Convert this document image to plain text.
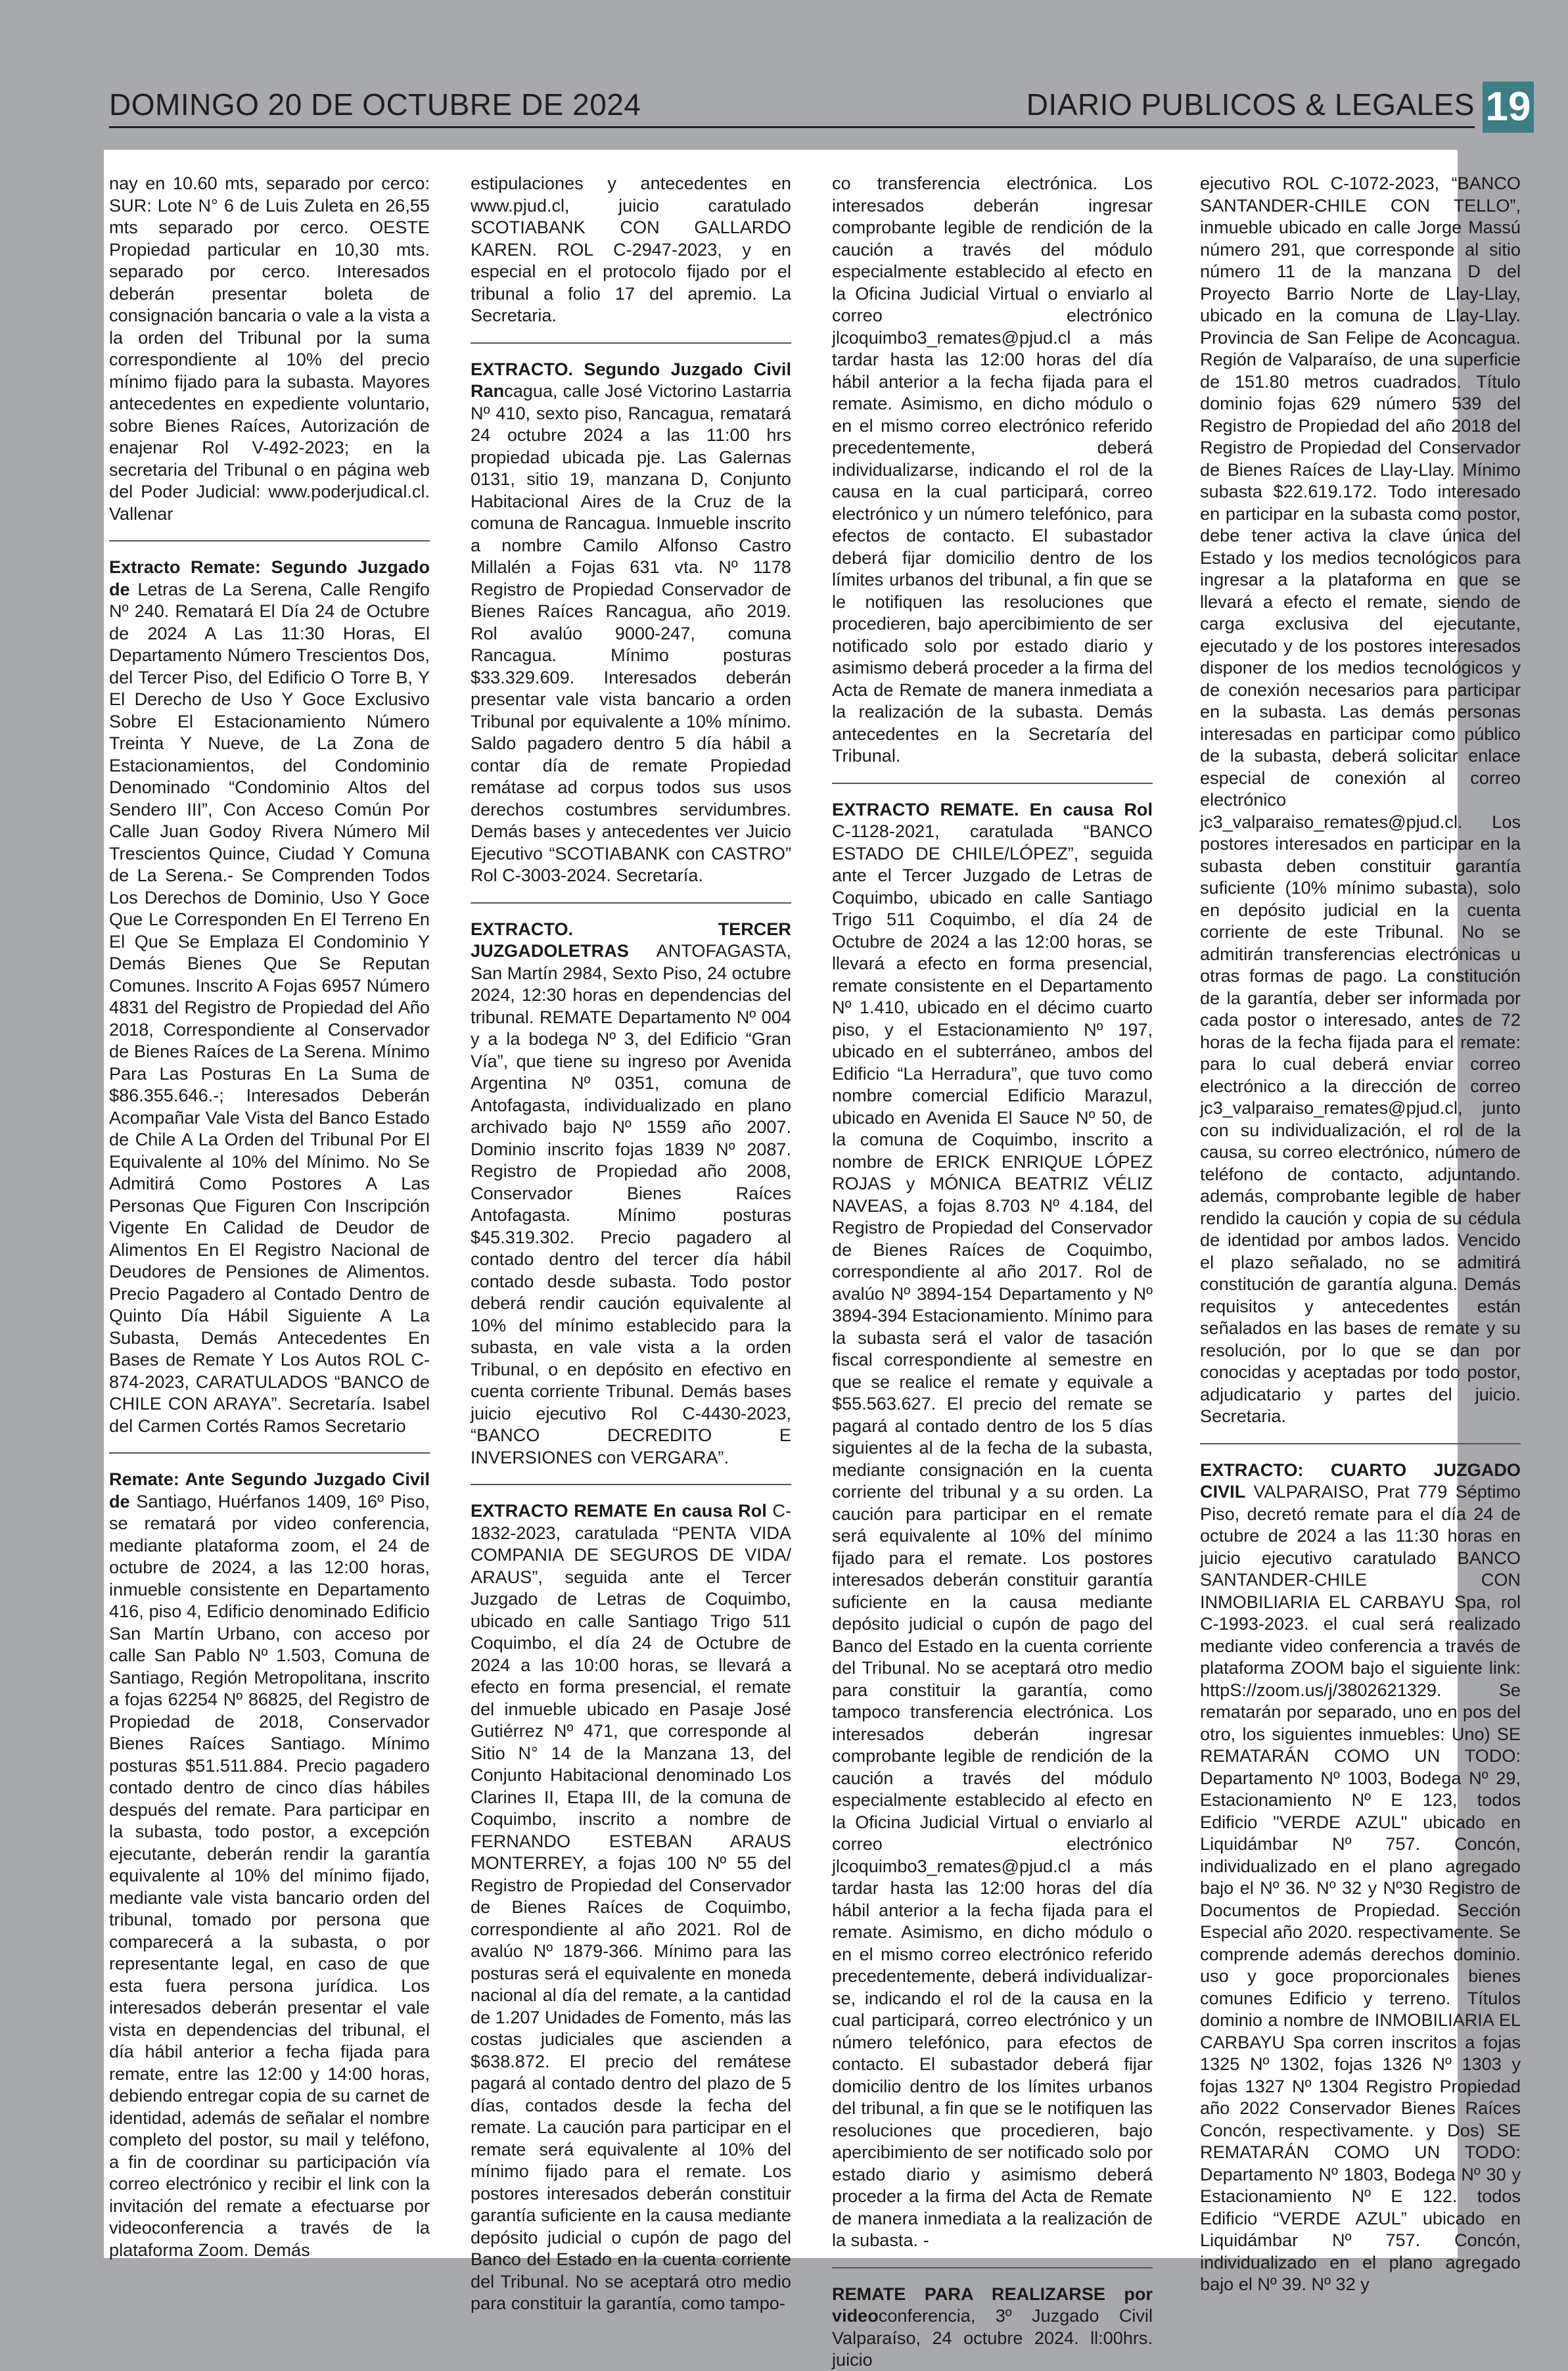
DOMINGO 20 DE OCTUBRE DE 2024	DIARIO PUBLICOS & LEGALES 19

nay en 10.60 mts, separado por cerco: SUR: Lote N° 6 de Luis Zuleta en 26,55 mts separado por cerco. OESTE Propiedad particular en 10,30 mts. separado por cerco. Interesados deberán presentar boleta de consignación bancaria o vale a la vista a la orden del Tribunal por la suma correspondiente al 10% del precio mínimo fijado para la subasta. Mayores antecedentes en expediente voluntario, sobre Bienes Raíces, Autorización de enajenar Rol V-492-2023; en la secretaria del Tribunal o en página web del Poder Judicial: www.poderjudical.cl. Vallenar

Extracto Remate: Segundo Juzgado de Letras de La Serena, Calle Rengifo Nº 240. Rematará El Día 24 de Octubre de 2024 A Las 11:30 Horas, El Departamento Número Trescientos Dos, del Tercer Piso, del Edificio O Torre B, Y El Derecho de Uso Y Goce Exclusivo Sobre El Estacionamiento Número Treinta Y Nueve, de La Zona de Estacionamientos, del Condominio Denominado “Condominio Altos del Sendero III”, Con Acceso Común Por Calle Juan Godoy Rivera Número Mil Trescientos Quince, Ciudad Y Comuna de La Serena.- Se Comprenden Todos Los Derechos de Dominio, Uso Y Goce Que Le Corresponden En El Terreno En El Que Se Emplaza El Condominio Y Demás Bienes Que Se Reputan Comunes. Inscrito A Fojas 6957 Número 4831 del Registro de Propiedad del Año 2018, Correspondiente al Conservador de Bienes Raíces de La Serena. Mínimo Para Las Posturas En La Suma de $86.355.646.-; Interesados Deberán Acompañar Vale Vista del Banco Estado de Chile A La Orden del Tribunal Por El Equivalente al 10% del Mínimo. No Se Admitirá Como Postores A Las Personas Que Figuren Con Inscripción Vigente En Calidad de Deudor de Alimentos En El Registro Nacional de Deudores de Pensiones de Alimentos. Precio Pagadero al Contado Dentro de Quinto Día Hábil Siguiente A La Subasta, Demás Antecedentes En Bases de Remate Y Los Autos ROL C-874-2023, CARATULADOS “BANCO de CHILE CON ARAYA”. Secretaría. Isabel del Carmen Cortés Ramos Secretario

Remate: Ante Segundo Juzgado Civil de Santiago, Huérfanos 1409, 16º Piso, se rematará por video conferencia, mediante plataforma zoom, el 24 de octubre de 2024, a las 12:00 horas, inmueble consistente en Departamento 416, piso 4, Edificio denominado Edificio San Martín Urbano, con acceso por calle San Pablo Nº 1.503, Comuna de Santiago, Región Metropolitana, inscrito a fojas 62254 Nº 86825, del Registro de Propiedad de 2018, Conservador Bienes Raíces Santiago. Mínimo posturas $51.511.884. Precio pagadero contado dentro de cinco días hábiles después del remate. Para participar en la subasta, todo postor, a excepción ejecutante, deberán rendir la garantía equivalente al 10% del mínimo fijado, mediante vale vista bancario orden del tribunal, tomado por persona que comparecerá a la subasta, o por representante legal, en caso de que esta fuera persona jurídica. Los interesados deberán presentar el vale vista en dependencias del tribunal, el día hábil anterior a fecha fijada para remate, entre las 12:00 y 14:00 horas, debiendo entregar copia de su carnet de identidad, además de señalar el nombre completo del postor, su mail y teléfono, a fin de coordinar su participación vía correo electrónico y recibir el link con la invitación del remate a efectuarse por videoconferencia a través de la plataforma Zoom. Demás

estipulaciones y antecedentes en www.pjud.cl, juicio caratulado SCOTIABANK CON GALLARDO KAREN. ROL C-2947-2023, y en especial en el protocolo fijado por el tribunal a folio 17 del apremio. La Secretaria.

EXTRACTO. Segundo Juzgado Civil Rancagua, calle José Victorino Lastarria Nº 410, sexto piso, Rancagua, rematará 24 octubre 2024 a las 11:00 hrs propiedad ubicada pje. Las Galernas 0131, sitio 19, manzana D, Conjunto Habitacional Aires de la Cruz de la comuna de Rancagua. Inmueble inscrito a nombre Camilo Alfonso Castro Millalén a Fojas 631 vta. Nº 1178 Registro de Propiedad Conservador de Bienes Raíces Rancagua, año 2019. Rol avalúo 9000-247, comuna Rancagua. Mínimo posturas $33.329.609. Interesados deberán presentar vale vista bancario a orden Tribunal por equivalente a 10% mínimo. Saldo pagadero dentro 5 día hábil a contar día de remate Propiedad remátase ad corpus todos sus usos derechos costumbres servidumbres. Demás bases y antecedentes ver Juicio Ejecutivo “SCOTIABANK con CASTRO” Rol C-3003-2024. Secretaría.

EXTRACTO. TERCER JUZGADOLETRAS ANTOFAGASTA, San Martín 2984, Sexto Piso, 24 octubre 2024, 12:30 horas en dependencias del tribunal. REMATE Departamento Nº 004 y a la bodega Nº 3, del Edificio “Gran Vía”, que tiene su ingreso por Avenida Argentina Nº 0351, comuna de Antofagasta, individualizado en plano archivado bajo Nº 1559 año 2007. Dominio inscrito fojas 1839 Nº 2087. Registro de Propiedad año 2008, Conservador Bienes Raíces Antofagasta. Mínimo posturas $45.319.302. Precio pagadero al contado dentro del tercer día hábil contado desde subasta. Todo postor deberá rendir caución equivalente al 10% del mínimo establecido para la subasta, en vale vista a la orden Tribunal, o en depósito en efectivo en cuenta corriente Tribunal. Demás bases juicio ejecutivo Rol C-4430-2023, “BANCO DECREDITO E INVERSIONES con VERGARA”.

EXTRACTO REMATE En causa Rol C-1832-2023, caratulada “PENTA VIDA COMPANIA DE SEGUROS DE VIDA/ ARAUS”, seguida ante el Tercer Juzgado de Letras de Coquimbo, ubicado en calle Santiago Trigo 511 Coquimbo, el día 24 de Octubre de 2024 a las 10:00 horas, se llevará a efecto en forma presencial, el remate del inmueble ubicado en Pasaje José Gutiérrez Nº 471, que corresponde al Sitio N° 14 de la Manzana 13, del Conjunto Habitacional denominado Los Clarines II, Etapa III, de la comuna de Coquimbo, inscrito a nombre de FERNANDO ESTEBAN ARAUS MONTERREY, a fojas 100 Nº 55 del Registro de Propiedad del Conservador de Bienes Raíces de Coquimbo, correspondiente al año 2021. Rol de avalúo Nº 1879-366. Mínimo para las posturas será el equivalente en moneda nacional al día del remate, a la cantidad de 1.207 Unidades de Fomento, más las costas judiciales que ascienden a $638.872. El precio del remátese pagará al contado dentro del plazo de 5 días, contados desde la fecha del remate. La caución para participar en el remate será equivalente al 10% del mínimo fijado para el remate. Los postores interesados deberán constituir garantía suficiente en la causa mediante depósito judicial o cupón de pago del Banco del Estado en la cuenta corriente del Tribunal. No se aceptará otro medio para constituir la garantía, como tampo-

co transferencia electrónica. Los interesados deberán ingresar comprobante legible de rendición de la caución a través del módulo especialmente establecido al efecto en la Oficina Judicial Virtual o enviarlo al correo electrónico jlcoquimbo3_remates@pjud.cl a más tardar hasta las 12:00 horas del día hábil anterior a la fecha fijada para el remate. Asimismo, en dicho módulo o en el mismo correo electrónico referido precedentemente, deberá individualizarse, indicando el rol de la causa en la cual participará, correo electrónico y un número telefónico, para efectos de contacto. El subastador deberá fijar domicilio dentro de los límites urbanos del tribunal, a fin que se le notifiquen las resoluciones que procedieren, bajo apercibimiento de ser notificado solo por estado diario y asimismo deberá proceder a la firma del Acta de Remate de manera inmediata a la realización de la subasta. Demás antecedentes en la Secretaría del Tribunal.

EXTRACTO REMATE. En causa Rol C-1128-2021, caratulada “BANCO ESTADO DE CHILE/LÓPEZ”, seguida ante el Tercer Juzgado de Letras de Coquimbo, ubicado en calle Santiago Trigo 511 Coquimbo, el día 24 de Octubre de 2024 a las 12:00 horas, se llevará a efecto en forma presencial, remate consistente en el Departamento Nº 1.410, ubicado en el décimo cuarto piso, y el Estacionamiento Nº 197, ubicado en el subterráneo, ambos del Edificio “La Herradura”, que tuvo como nombre comercial Edificio Marazul, ubicado en Avenida El Sauce Nº 50, de la comuna de Coquimbo, inscrito a nombre de ERICK ENRIQUE LÓPEZ ROJAS y MÓNICA BEATRIZ VÉLIZ NAVEAS, a fojas 8.703 Nº 4.184, del Registro de Propiedad del Conservador de Bienes Raíces de Coquimbo, correspondiente al año 2017. Rol de avalúo Nº 3894-154 Departamento y Nº 3894-394 Estacionamiento. Mínimo para la subasta será el valor de tasación fiscal correspondiente al semestre en que se realice el remate y equivale a $55.563.627. El precio del remate se pagará al contado dentro de los 5 días siguientes al de la fecha de la subasta, mediante consignación en la cuenta corriente del tribunal y a su orden. La caución para participar en el remate será equivalente al 10% del mínimo fijado para el remate. Los postores interesados deberán constituir garantía suficiente en la causa mediante depósito judicial o cupón de pago del Banco del Estado en la cuenta corriente del Tribunal. No se aceptará otro medio para constituir la garantía, como tampoco transferencia electrónica. Los interesados deberán ingresar comprobante legible de rendición de la caución a través del módulo especialmente establecido al efecto en la Oficina Judicial Virtual o enviarlo al correo electrónico jlcoquimbo3_remates@pjud.cl a más tardar hasta las 12:00 horas del día hábil anterior a la fecha fijada para el remate. Asimismo, en dicho módulo o en el mismo correo electrónico referido precedentemente, deberá individualizar-se, indicando el rol de la causa en la cual participará, correo electrónico y un número telefónico, para efectos de contacto. El subastador deberá fijar domicilio dentro de los límites urbanos del tribunal, a fin que se le notifiquen las resoluciones que procedieren, bajo apercibimiento de ser notificado solo por estado diario y asimismo deberá proceder a la firma del Acta de Remate de manera inmediata a la realización de la subasta. -

REMATE PARA REALIZARSE por videoconferencia, 3º Juzgado Civil Valparaíso, 24 octubre 2024. ll:00hrs. juicio

ejecutivo ROL C-1072-2023, “BANCO SANTANDER-CHILE CON TELLO”, inmueble ubicado en calle Jorge Massú número 291, que corresponde al sitio número 11 de la manzana D del Proyecto Barrio Norte de Llay-Llay, ubicado en la comuna de Llay-Llay. Provincia de San Felipe de Aconcagua. Región de Valparaíso, de una superficie de 151.80 metros cuadrados. Título dominio fojas 629 número 539 del Registro de Propiedad del año 2018 del Registro de Propiedad del Conservador de Bienes Raíces de Llay-Llay. Mínimo subasta $22.619.172. Todo interesado en participar en la subasta como postor, debe tener activa la clave única del Estado y los medios tecnológicos para ingresar a la plataforma en que se llevará a efecto el remate, siendo de carga exclusiva del ejecutante, ejecutado y de los postores interesados disponer de los medios tecnológicos y de conexión necesarios para participar en la subasta. Las demás personas interesadas en participar como público de la subasta, deberá solicitar enlace especial de conexión al correo electrónico jc3_valparaiso_remates@pjud.cl. Los postores interesados en participar en la subasta deben constituir garantía suficiente (10% mínimo subasta), solo en depósito judicial en la cuenta corriente de este Tribunal. No se admitirán transferencias electrónicas u otras formas de pago. La constitución de la garantía, deber ser informada por cada postor o interesado, antes de 72 horas de la fecha fijada para el remate: para lo cual deberá enviar correo electrónico a la dirección de correo jc3_valparaiso_remates@pjud.cl, junto con su individualización, el rol de la causa, su correo electrónico, número de teléfono de contacto, adjuntando. además, comprobante legible de haber rendido la caución y copia de su cédula de identidad por ambos lados. Vencido el plazo señalado, no se admitirá constitución de garantía alguna. Demás requisitos y antecedentes están señalados en las bases de remate y su resolución, por lo que se dan por conocidas y aceptadas por todo postor, adjudicatario y partes del juicio. Secretaria.

EXTRACTO: CUARTO JUZGADO CIVIL VALPARAISO, Prat 779 Séptimo Piso, decretó remate para el día 24 de octubre de 2024 a las 11:30 horas en juicio ejecutivo caratulado BANCO SANTANDER-CHILE CON INMOBILIARIA EL CARBAYU Spa, rol C-1993-2023. el cual será realizado mediante video conferencia a través de plataforma ZOOM bajo el siguiente link: httpS://zoom.us/j/3802621329. Se rematarán por separado, uno en pos del otro, los siguientes inmuebles: Uno) SE REMATARÁN COMO UN TODO: Departamento Nº 1003, Bodega Nº 29, Estacionamiento Nº E 123, todos Edificio "VERDE AZUL" ubicado en Liquidámbar Nº 757. Concón, individualizado en el plano agregado bajo el Nº 36. Nº 32 y Nº30 Registro de Documentos de Propiedad. Sección Especial año 2020. respectivamente. Se comprende además derechos dominio. uso y goce proporcionales bienes comunes Edificio y terreno. Títulos dominio a nombre de INMOBILIARIA EL CARBAYU Spa corren inscritos a fojas 1325 Nº 1302, fojas 1326 Nº 1303 y fojas 1327 Nº 1304 Registro Propiedad año 2022 Conservador Bienes Raíces Concón, respectivamente. y Dos) SE REMATARÁN COMO UN TODO: Departamento Nº 1803, Bodega Nº 30 y Estacionamiento Nº E 122. todos Edificio “VERDE AZUL” ubicado en Liquidámbar Nº 757. Concón, individualizado en el plano agregado bajo el Nº 39. Nº 32 y
